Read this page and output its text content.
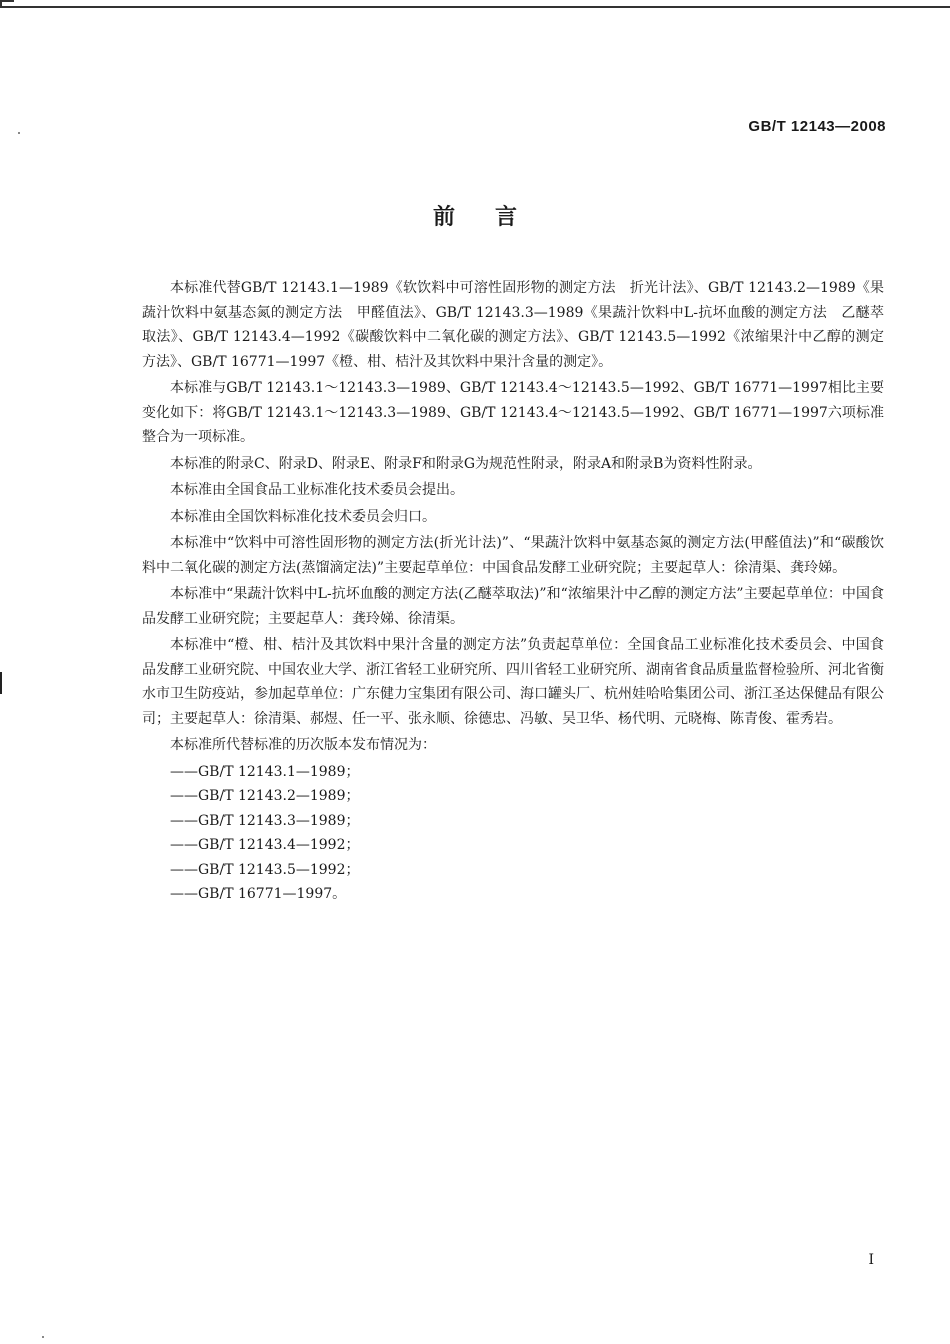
GB/T 12143—2008
前言

本标准代替GB/T 12143.1—1989《软饮料中可溶性固形物的测定方法　折光计法》、GB/T 12143.2—1989《果蔬汁饮料中氨基态氮的测定方法　甲醛值法》、GB/T 12143.3—1989《果蔬汁饮料中L-抗坏血酸的测定方法　乙醚萃取法》、GB/T 12143.4—1992《碳酸饮料中二氧化碳的测定方法》、GB/T 12143.5—1992《浓缩果汁中乙醇的测定方法》、GB/T 16771—1997《橙、柑、桔汁及其饮料中果汁含量的测定》。

本标准与GB/T 12143.1～12143.3—1989、GB/T 12143.4～12143.5—1992、GB/T 16771—1997相比主要变化如下：将GB/T 12143.1～12143.3—1989、GB/T 12143.4～12143.5—1992、GB/T 16771—1997六项标准整合为一项标准。

本标准的附录C、附录D、附录E、附录F和附录G为规范性附录，附录A和附录B为资料性附录。

本标准由全国食品工业标准化技术委员会提出。

本标准由全国饮料标准化技术委员会归口。

本标准中“饮料中可溶性固形物的测定方法(折光计法)”、“果蔬汁饮料中氨基态氮的测定方法(甲醛值法)”和“碳酸饮料中二氧化碳的测定方法(蒸馏滴定法)”主要起草单位：中国食品发酵工业研究院；主要起草人：徐清渠、龚玲娣。

本标准中“果蔬汁饮料中L-抗坏血酸的测定方法(乙醚萃取法)”和“浓缩果汁中乙醇的测定方法”主要起草单位：中国食品发酵工业研究院；主要起草人：龚玲娣、徐清渠。

本标准中“橙、柑、桔汁及其饮料中果汁含量的测定方法”负责起草单位：全国食品工业标准化技术委员会、中国食品发酵工业研究院、中国农业大学、浙江省轻工业研究所、四川省轻工业研究所、湖南省食品质量监督检验所、河北省衡水市卫生防疫站，参加起草单位：广东健力宝集团有限公司、海口罐头厂、杭州娃哈哈集团公司、浙江圣达保健品有限公司；主要起草人：徐清渠、郝煜、任一平、张永顺、徐德忠、冯敏、吴卫华、杨代明、元晓梅、陈青俊、霍秀岩。

本标准所代替标准的历次版本发布情况为：

——GB/T 12143.1—1989；
——GB/T 12143.2—1989；
——GB/T 12143.3—1989；
——GB/T 12143.4—1992；
——GB/T 12143.5—1992；
——GB/T 16771—1997。
I
